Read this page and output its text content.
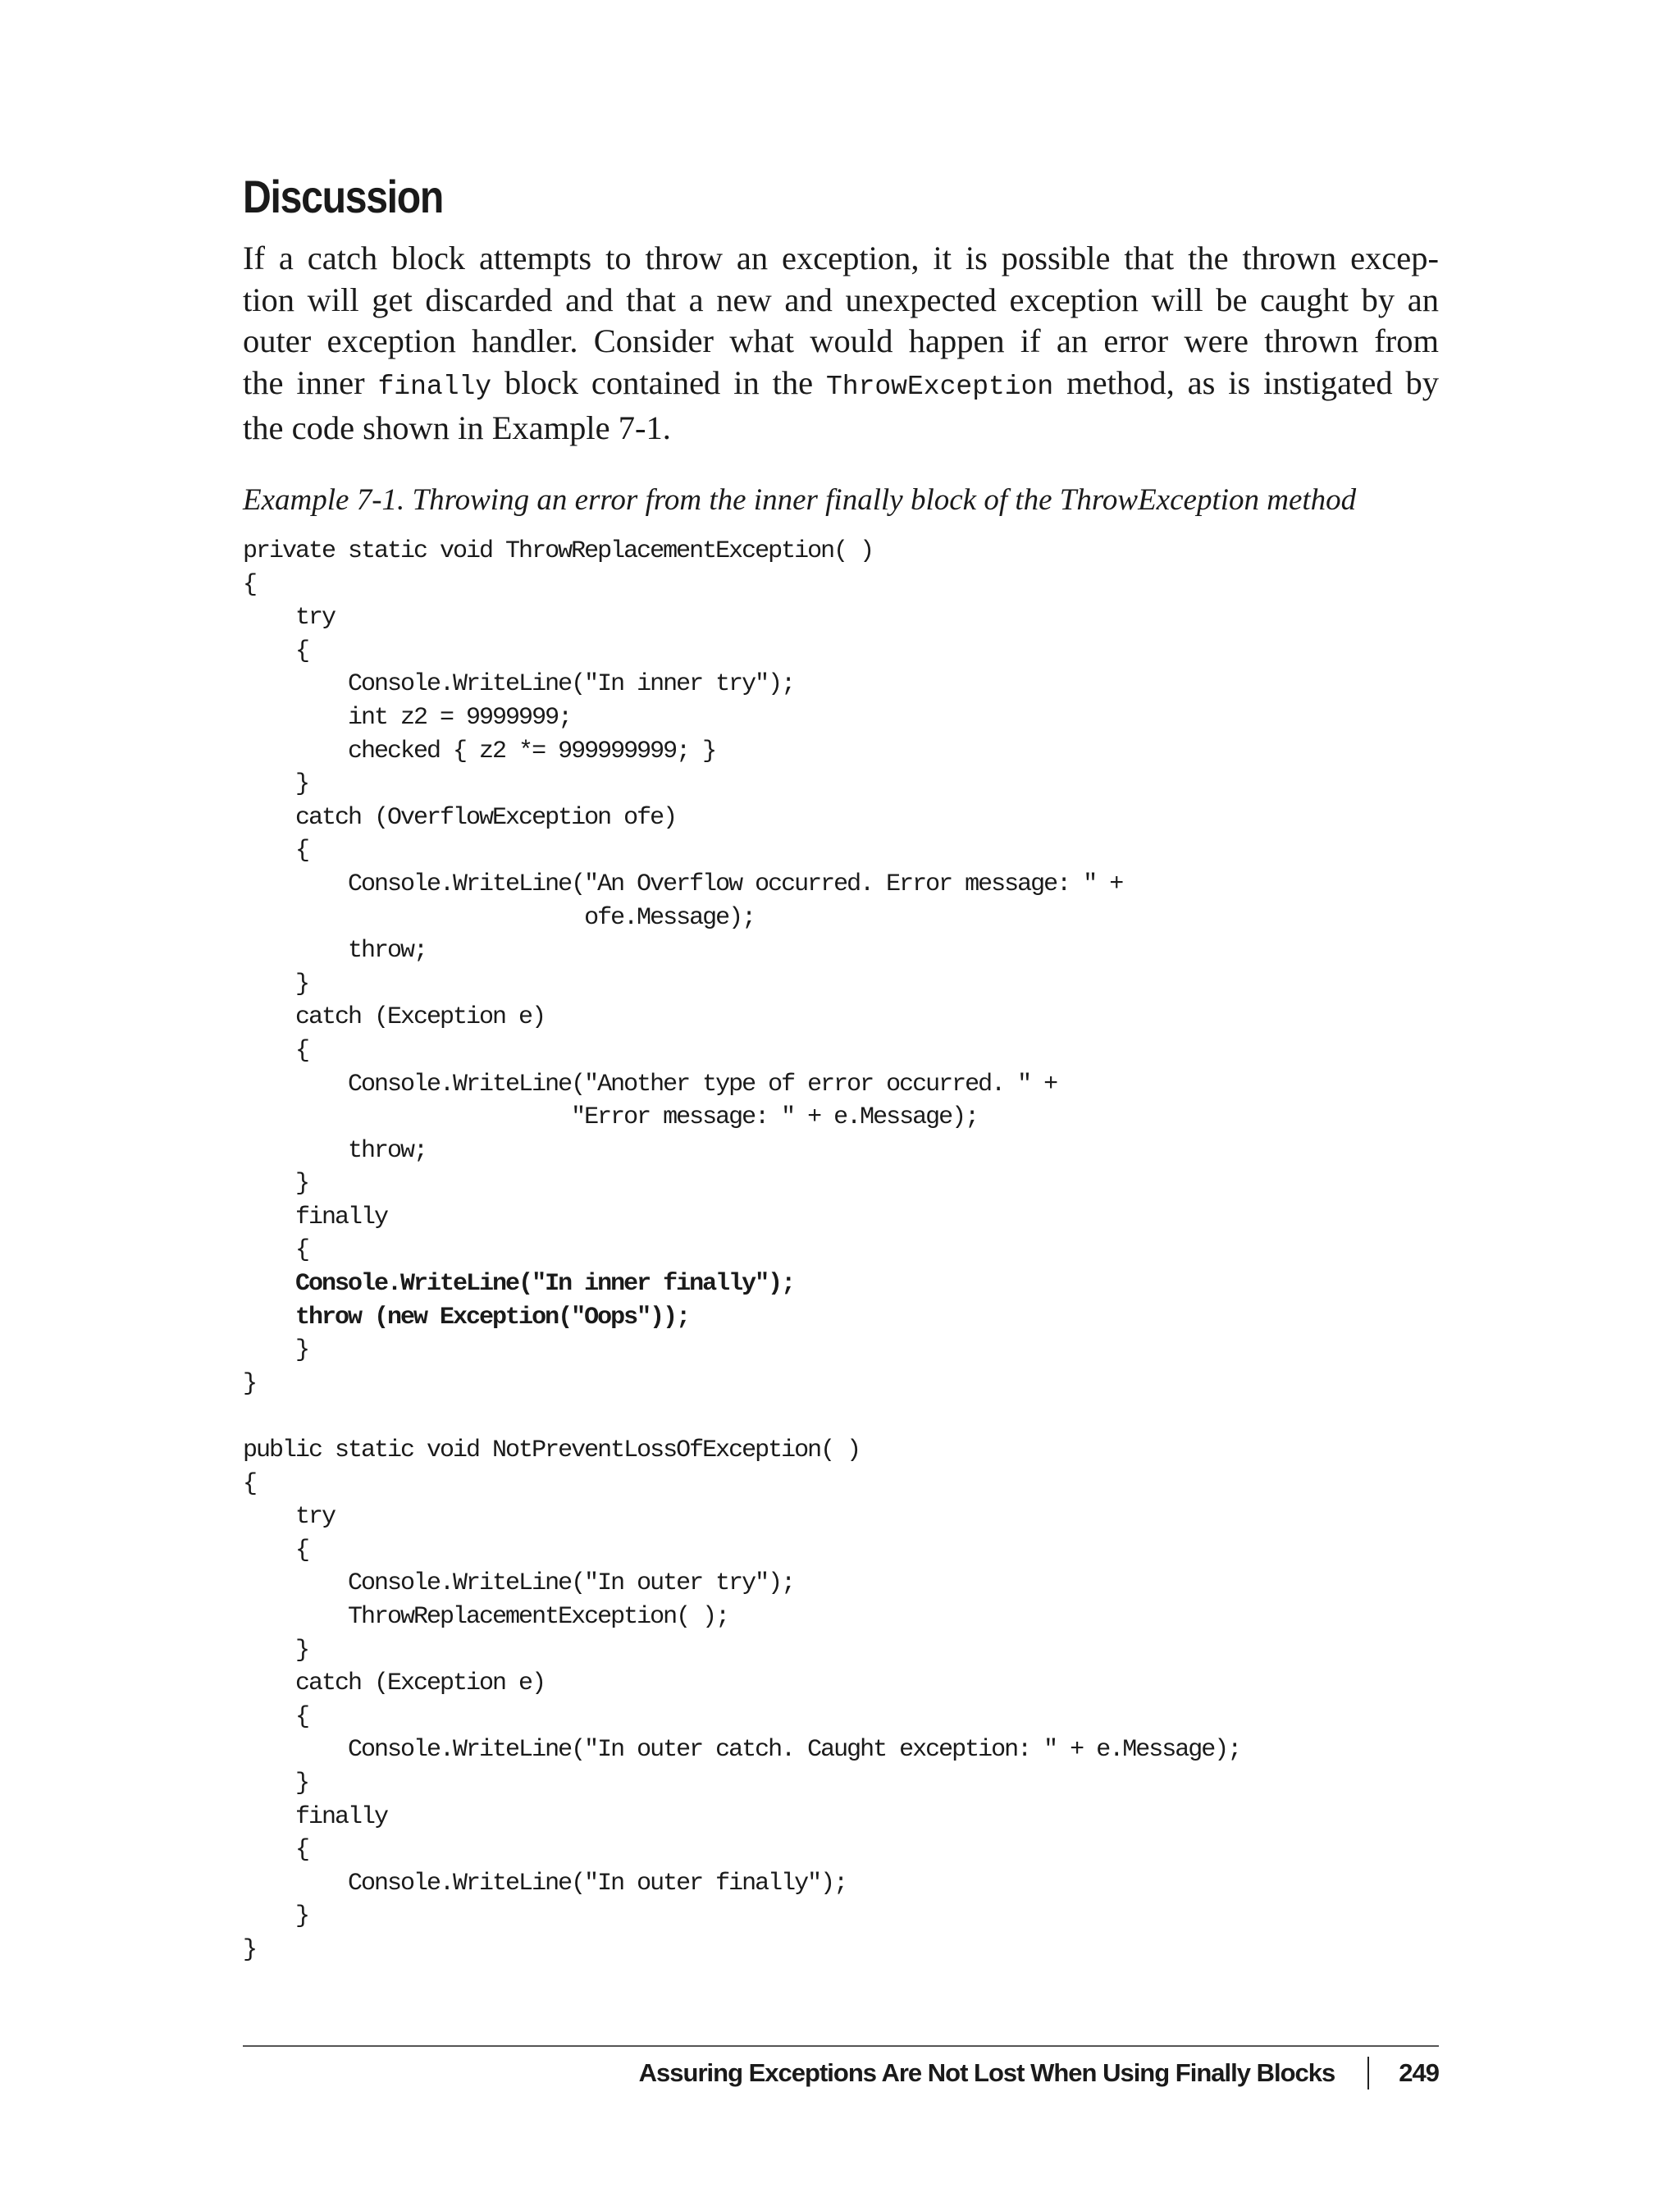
Discussion

If a catch block attempts to throw an exception, it is possible that the thrown excep-
tion will get discarded and that a new and unexpected exception will be caught by an
outer exception handler. Consider what would happen if an error were thrown from
the inner finally block contained in the ThrowException method, as is instigated by
the code shown in Example 7-1.

Example 7-1. Throwing an error from the inner finally block of the ThrowException method

private static void ThrowReplacementException( )
{
try
{
Console.WriteLine("In inner try");
int z2 = 9999999;
checked { z2 *= 999999999; }
}
catch (OverflowException ofe)
{
Console.WriteLine("An Overflow occurred. Error message: " +
ofe.Message);
throw;
}
catch (Exception e)
{
Console.WriteLine("Another type of error occurred. " +
"Error message: " + e.Message);
throw;
}
finally
{
Console.WriteLine("In inner finally");
throw (new Exception("Oops"));
}
}
public static void NotPreventLossOfException( )
{
try
{
Console.WriteLine("In outer try");
ThrowReplacementException( );
}
catch (Exception e)
{
Console.WriteLine("In outer catch. Caught exception: " + e.Message);
}
finally
{
Console.WriteLine("In outer finally");
}
}
Assuring Exceptions Are Not Lost When Using Finally Blocks	249
